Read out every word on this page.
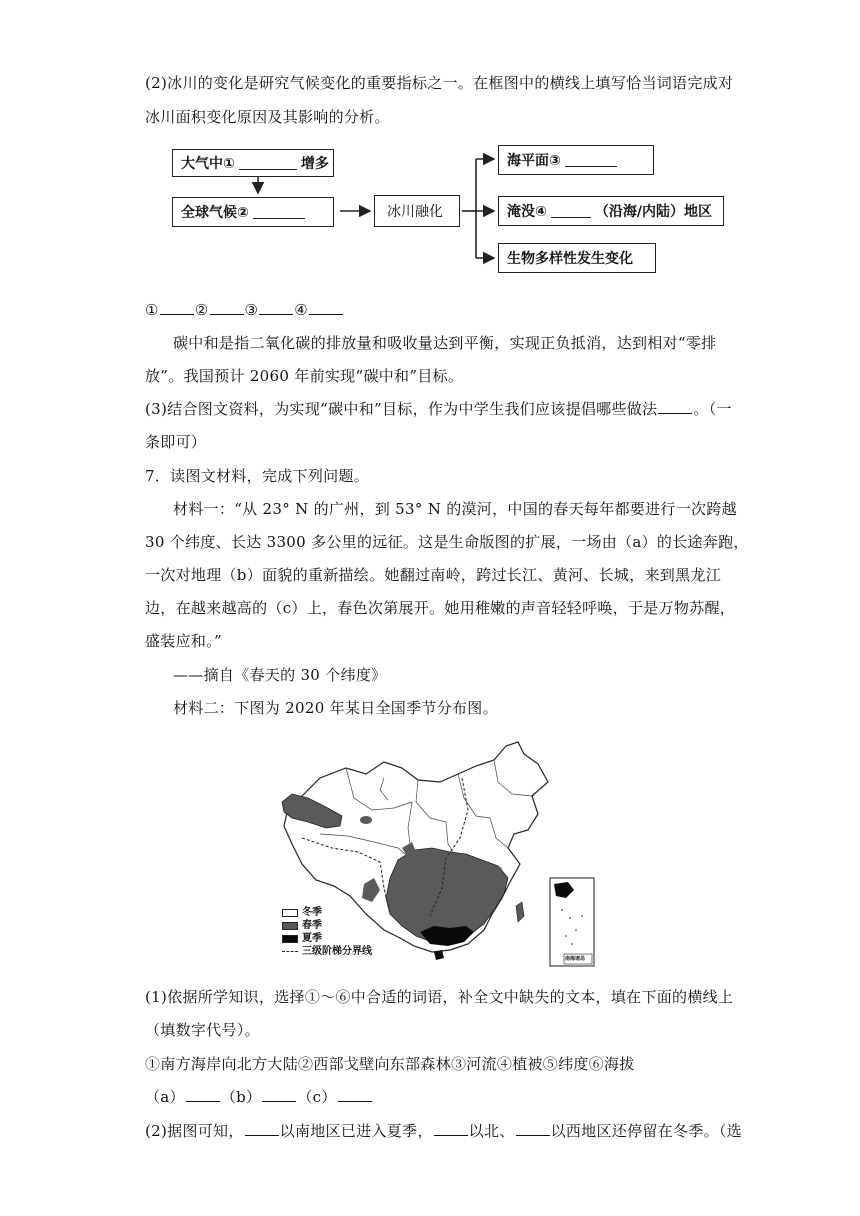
(2)冰川的变化是研究气候变化的重要指标之一。在框图中的横线上填写恰当词语完成对
冰川面积变化原因及其影响的分析。
大气中①	增多
全球气候②	冰川融化
海平面③
淹没④	（沿海/内陆）地区
生物多样性发生变化
① ② ③ ④
碳中和是指二氧化碳的排放量和吸收量达到平衡，实现正负抵消，达到相对“零排
放”。我国预计 2060 年前实现“碳中和”目标。
(3)结合图文资料，为实现“碳中和”目标，作为中学生我们应该提倡哪些做法 。（一
条即可）
7．读图文材料，完成下列问题。
材料一：“从 23° N 的广州，到 53° N 的漠河，中国的春天每年都要进行一次跨越
30 个纬度、长达 3300 多公里的远征。这是生命版图的扩展，一场由（a）的长途奔跑，
一次对地理（b）面貌的重新描绘。她翻过南岭，跨过长江、黄河、长城，来到黑龙江
边，在越来越高的（c）上，春色次第展开。她用稚嫩的声音轻轻呼唤，于是万物苏醒，
盛装应和。”
——摘自《春天的 30 个纬度》
材料二：下图为 2020 年某日全国季节分布图。
南海诸岛
冬季
春季
夏季
三级阶梯分界线
(1)依据所学知识，选择①～⑥中合适的词语，补全文中缺失的文本，填在下面的横线上
（填数字代号）。
①南方海岸向北方大陆②西部戈壁向东部森林③河流④植被⑤纬度⑥海拔
（a） （b） （c）
(2)据图可知， 以南地区已进入夏季， 以北、 以西地区还停留在冬季。（选
